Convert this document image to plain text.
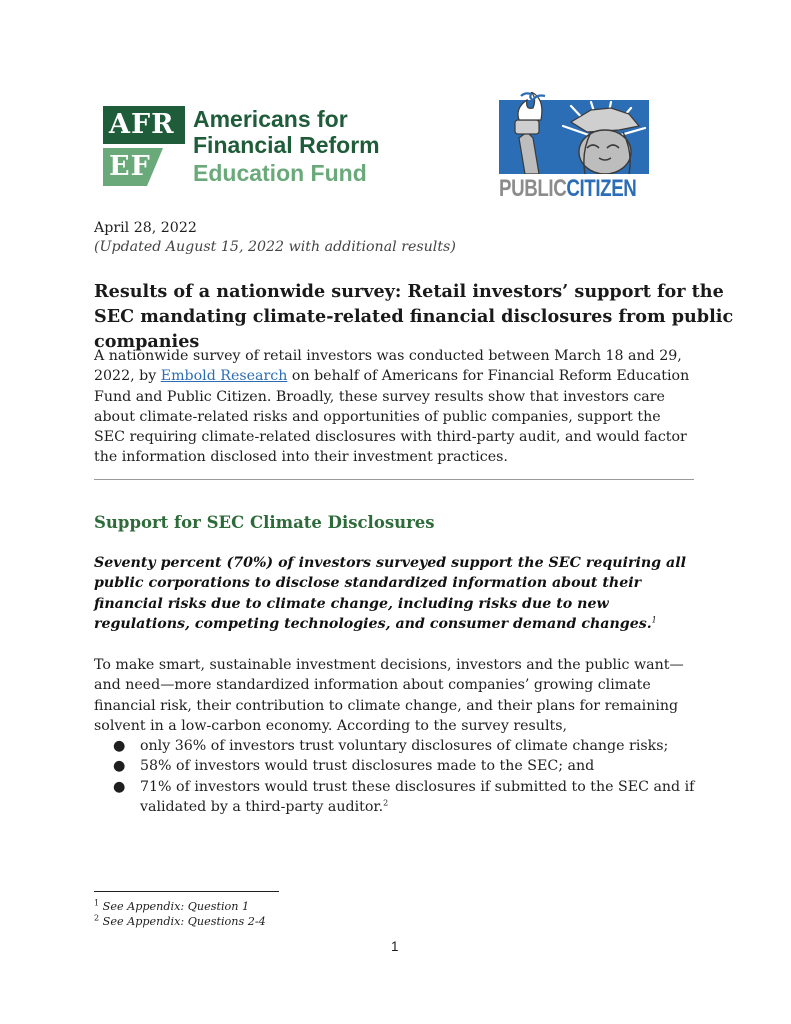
AFR
EF
Americans for
Financial Reform
Education Fund
PUBLICCITIZEN
April 28, 2022
(Updated August 15, 2022 with additional results)
Results of a nationwide survey: Retail investors’ support for the SEC mandating climate-related financial disclosures from public companies

A nationwide survey of retail investors was conducted between March 18 and 29, 2022, by Embold Research on behalf of Americans for Financial Reform Education Fund and Public Citizen. Broadly, these survey results show that investors care about climate-related risks and opportunities of public companies, support the SEC requiring climate-related disclosures with third-party audit, and would factor the information disclosed into their investment practices.

Support for SEC Climate Disclosures

Seventy percent (70%) of investors surveyed support the SEC requiring all public corporations to disclose standardized information about their financial risks due to climate change, including risks due to new regulations, competing technologies, and consumer demand changes.$^1$

To make smart, sustainable investment decisions, investors and the public want—and need—more standardized information about companies’ growing climate financial risk, their contribution to climate change, and their plans for remaining solvent in a low-carbon economy. According to the survey results,

● only 36% of investors trust voluntary disclosures of climate change risks;
● 58% of investors would trust disclosures made to the SEC; and
● 71% of investors would trust these disclosures if submitted to the SEC and if validated by a third-party auditor.$^2$
$^1$ See Appendix: Question 1
$^2$ See Appendix: Questions 2-4
1
